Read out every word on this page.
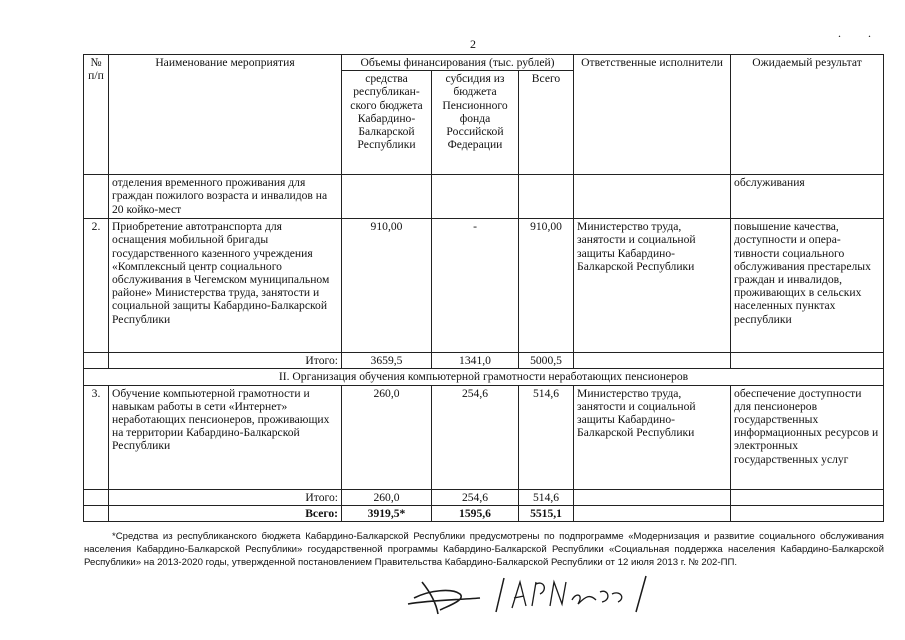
2
. .
№ п/п	Наименование мероприятия	Объемы финансирования (тыс. рублей)			Ответственные исполнители	Ожидаемый результат
		средства республикан-ского бюджета Кабардино-Балкарской Республики	субсидия из бюджета Пенсионного фонда Российской Федерации	Всего		
	отделения временного проживания для граждан пожилого возраста и инвалидов на 20 койко-мест					обслуживания
2.	Приобретение автотранспорта для оснащения мобильной бригады государственного казенного учреждения «Комплексный центр социального обслуживания в Чегемском муниципальном районе» Министерства труда, занятости и социальной защиты Кабардино-Балкарской Республики	910,00	-	910,00	Министерство труда, занятости и социальной защиты Кабардино-Балкарской Республики	повышение качества, доступности и опера-тивности социального обслуживания престарелых граждан и инвалидов, проживающих в сельских населенных пунктах республики
	Итого:	3659,5	1341,0	5000,5		
II. Организация обучения компьютерной грамотности неработающих пенсионеров						
3.	Обучение компьютерной грамотности и навыкам работы в сети «Интернет» неработающих пенсионеров, проживающих на территории Кабардино-Балкарской Республики	260,0	254,6	514,6	Министерство труда, занятости и социальной защиты Кабардино-Балкарской Республики	обеспечение доступности для пенсионеров государственных информационных ресурсов и электронных государственных услуг
	Итого:	260,0	254,6	514,6		
	Всего:	3919,5*	1595,6	5515,1		

*Средства из республиканского бюджета Кабардино-Балкарской Республики предусмотрены по подпрограмме «Модернизация и развитие социального обслуживания населения Кабардино-Балкарской Республики» государственной программы Кабардино-Балкарской Республики «Социальная поддержка населения Кабардино-Балкарской Республики» на 2013-2020 годы, утвержденной постановлением Правительства Кабардино-Балкарской Республики от 12 июля 2013 г. № 202-ПП.
